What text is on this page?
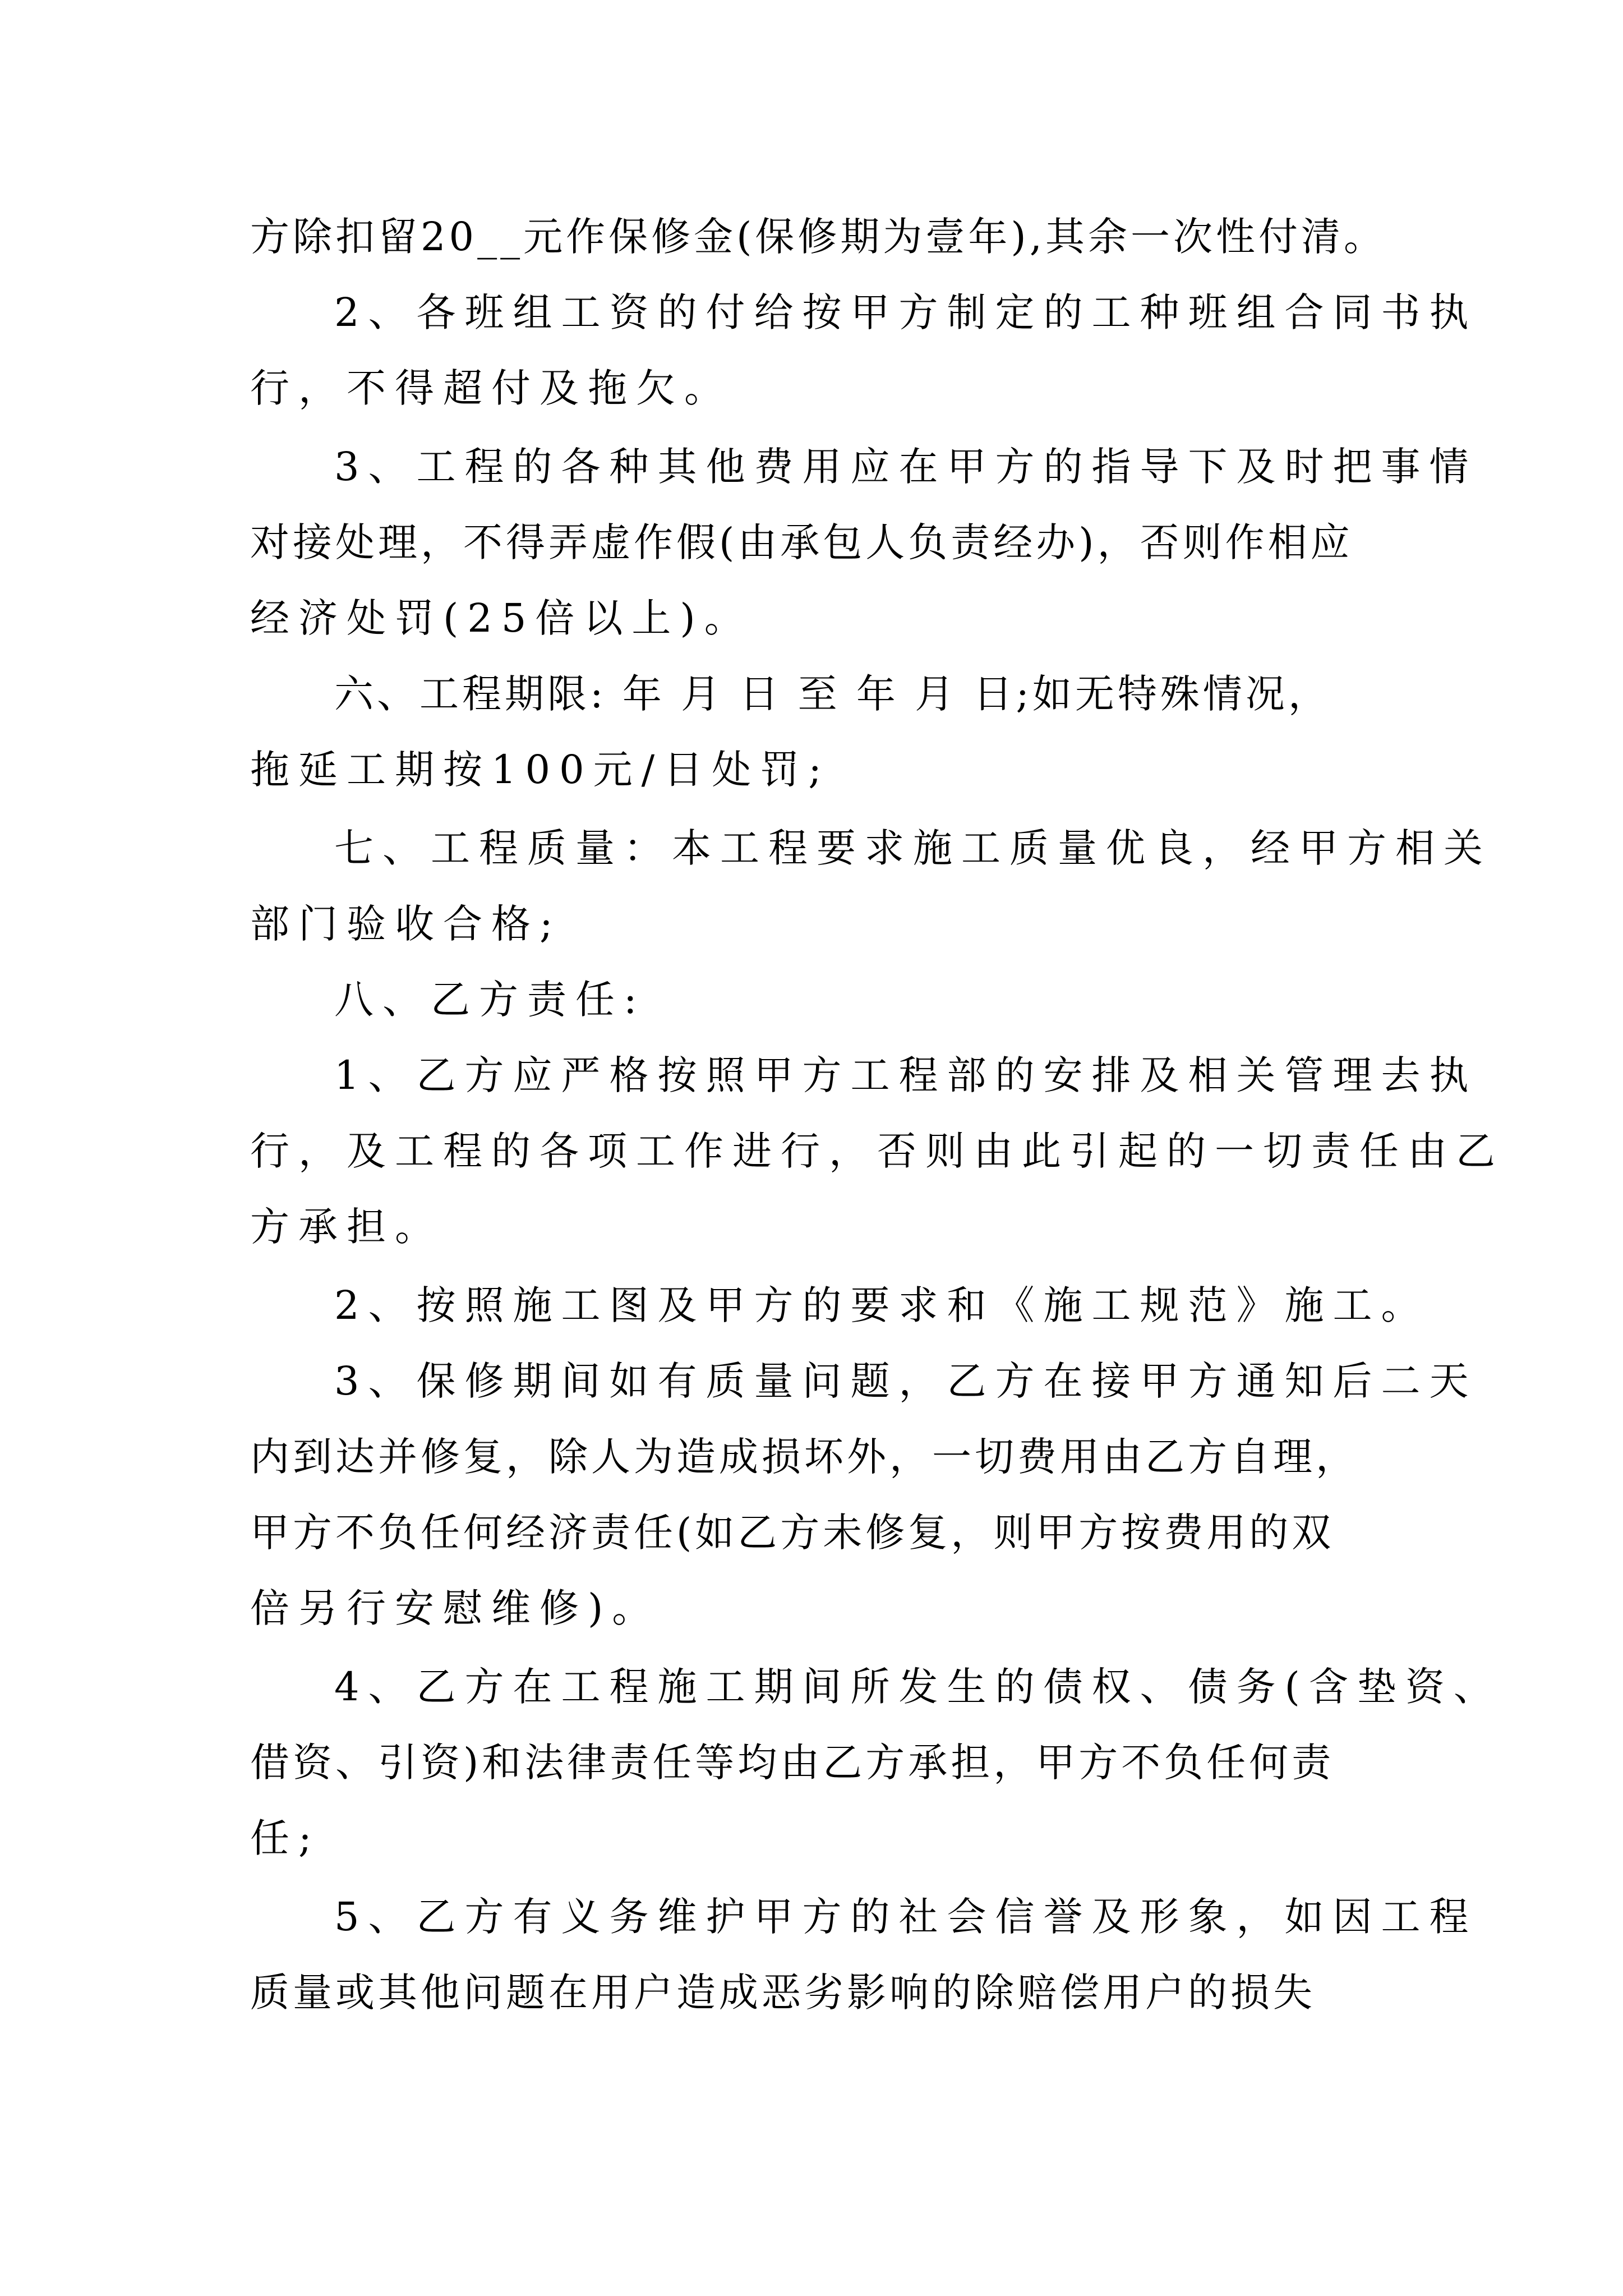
方除扣留20__元作保修金(保修期为壹年),其余一次性付清。
2、各班组工资的付给按甲方制定的工种班组合同书执
行，不得超付及拖欠。
3、工程的各种其他费用应在甲方的指导下及时把事情
对接处理，不得弄虚作假(由承包人负责经办)，否则作相应
经济处罚(25倍以上)。
六、工程期限: 年 月 日 至 年 月 日;如无特殊情况，
拖延工期按100元/日处罚;
七、工程质量：本工程要求施工质量优良，经甲方相关
部门验收合格;
八、乙方责任:
1、乙方应严格按照甲方工程部的安排及相关管理去执
行，及工程的各项工作进行，否则由此引起的一切责任由乙
方承担。
2、按照施工图及甲方的要求和《施工规范》施工。
3、保修期间如有质量问题，乙方在接甲方通知后二天
内到达并修复，除人为造成损坏外，一切费用由乙方自理，
甲方不负任何经济责任(如乙方未修复，则甲方按费用的双
倍另行安慰维修)。
4、乙方在工程施工期间所发生的债权、债务(含垫资、
借资、引资)和法律责任等均由乙方承担，甲方不负任何责
任;
5、乙方有义务维护甲方的社会信誉及形象，如因工程
质量或其他问题在用户造成恶劣影响的除赔偿用户的损失
